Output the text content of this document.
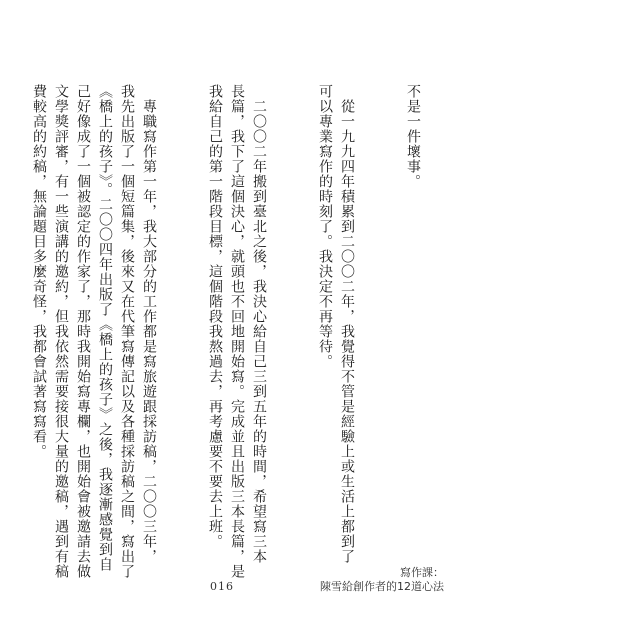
不是一件壞事。

　從一九九四年積累到二〇〇二年，我覺得不管是經驗上或生活上都到了
可以專業寫作的時刻了。我決定不再等待。

　二〇〇二年搬到臺北之後，我決心給自己三到五年的時間，希望寫三本
長篇，我下了這個決心，就頭也不回地開始寫。完成並且出版三本長篇，是
我給自己的第一階段目標，這個階段我熬過去，再考慮要不要去上班。

　專職寫作第一年，我大部分的工作都是寫旅遊跟採訪稿，二〇〇三年，
我先出版了一個短篇集，後來又在代筆寫傳記以及各種採訪稿之間，寫出了
《橋上的孩子》。二〇〇四年出版了《橋上的孩子》之後，我逐漸感覺到自
己好像成了一個被認定的作家了，那時我開始寫專欄，也開始會被邀請去做
文學獎評審，有一些演講的邀約，但我依然需要接很大量的邀稿，遇到有稿
費較高的約稿，無論題目多麼奇怪，我都會試著寫寫看。

016
寫作課：
陳雪給創作者的12道心法
